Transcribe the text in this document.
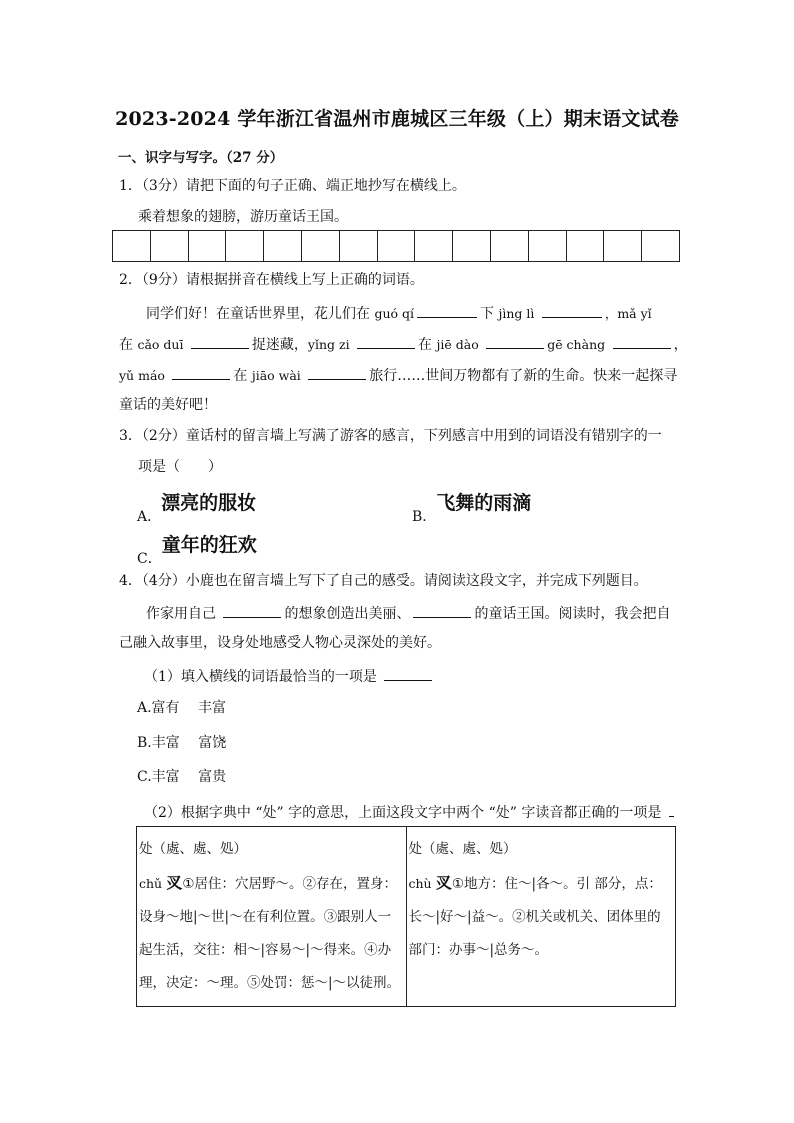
2023-2024 学年浙江省温州市鹿城区三年级（上）期末语文试卷
一、识字与写字。（27 分）
1．（3分）请把下面的句子正确、端正地抄写在横线上。
乘着想象的翅膀，游历童话王国。
2．（9分）请根据拼音在横线上写上正确的词语。
同学们好！在童话世界里，花儿们在 guó qí	下 jìng lì	，mǎ yǐ
在 cǎo duī	捉迷藏，yǐng zi	在 jiē dào	gē chàng	，
yǔ máo	在 jiāo wài	旅行……世间万物都有了新的生命。快来一起探寻
童话的美好吧！
3．（2分）童话村的留言墙上写满了游客的感言，下列感言中用到的词语没有错别字的一
项是（　　）
A．漂亮的服妆
B．飞舞的雨滴
C．童年的狂欢
4．（4分）小鹿也在留言墙上写下了自己的感受。请阅读这段文字，并完成下列题目。
作家用自己	的想象创造出美丽、	的童话王国。阅读时，我会把自
己融入故事里，设身处地感受人物心灵深处的美好。
（1）填入横线的词语最恰当的一项是
A.富有　 丰富
B.丰富　 富饶
C.丰富　 富贵
（2）根据字典中 “处” 字的意思，上面这段文字中两个 “处” 字读音都正确的一项是
处（處、處、処）
chǔ 㕚①居住：穴居野～。②存在，置身：
设身～地|～世|～在有利位置。③跟别人一
起生活，交往：相～|容易～|～得来。④办
理，决定：～理。⑤处罚：惩～|～以徒刑。

处（處、處、処）
chù 㕚①地方：住～|各～。引 部分，点：
长～|好～|益～。②机关或机关、团体里的
部门：办事～|总务～。
